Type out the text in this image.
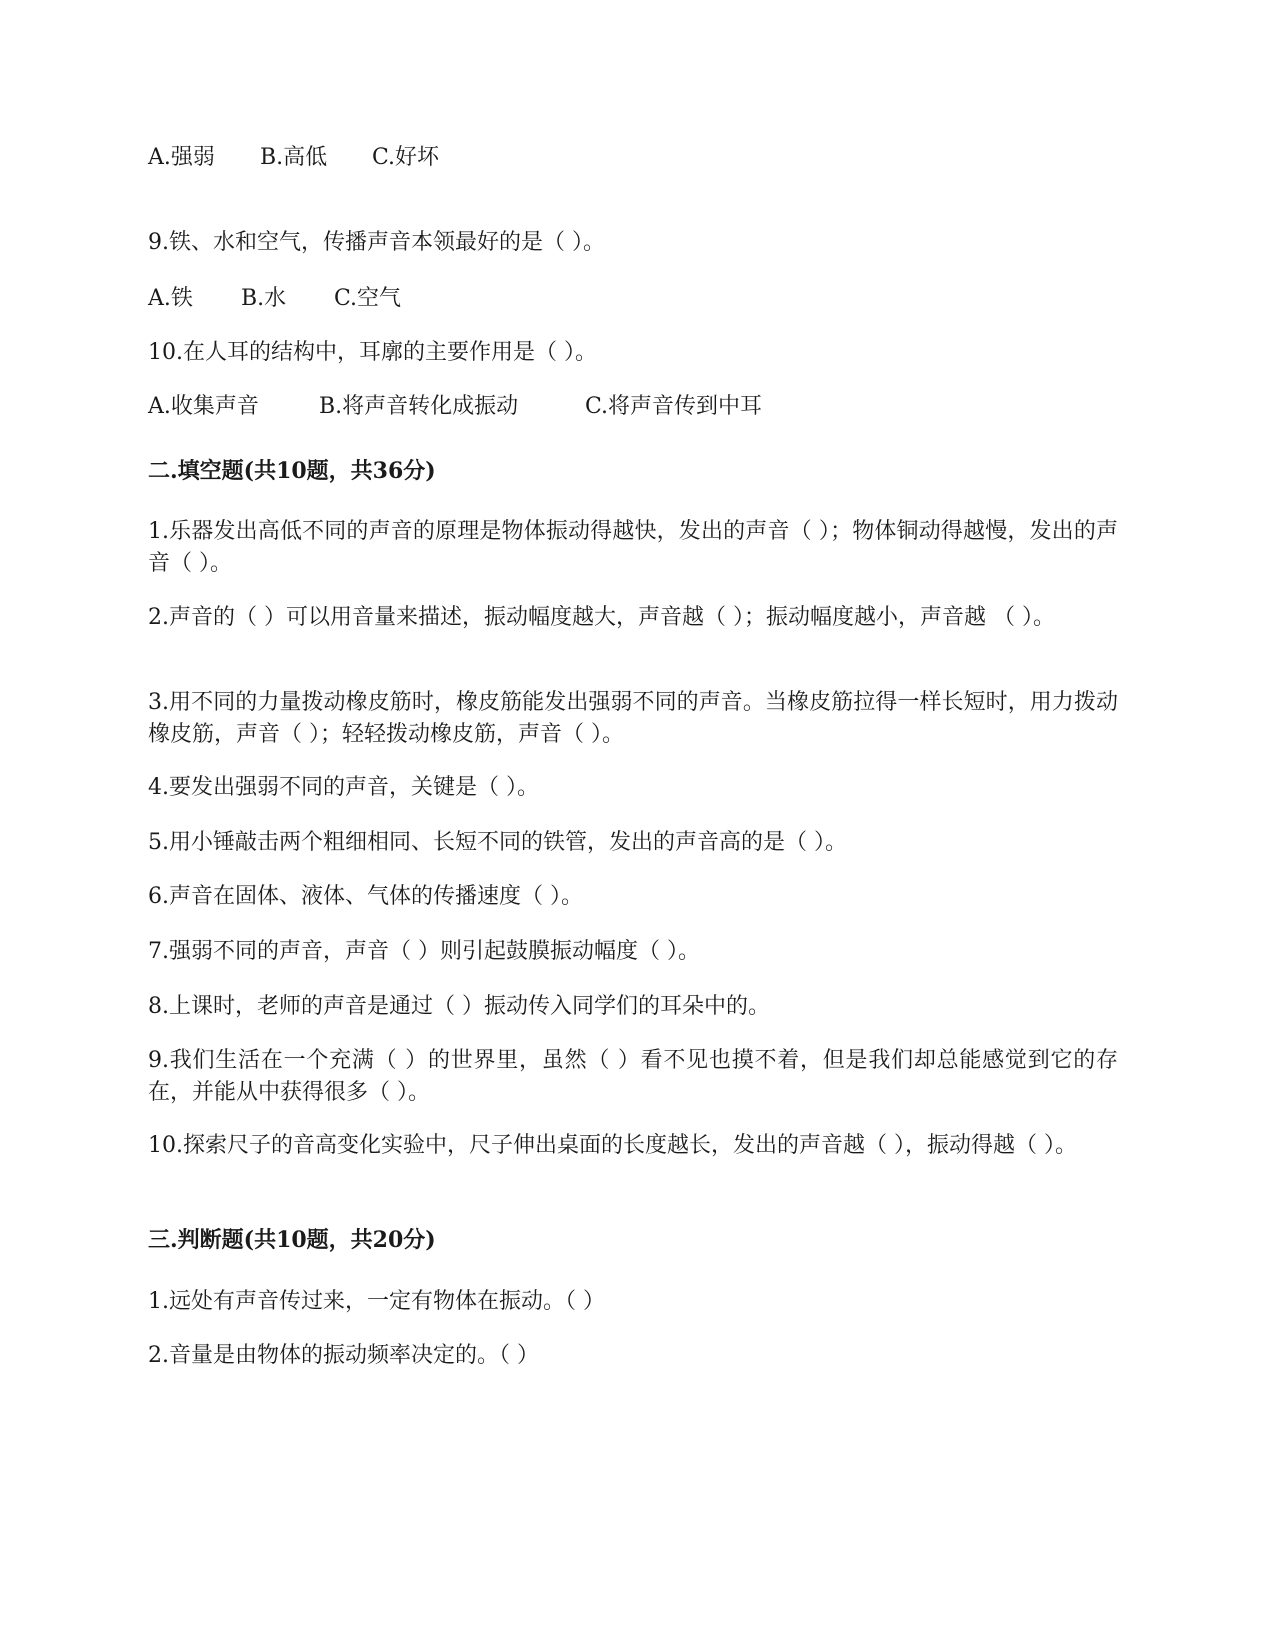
A.强弱 B.高低 C.好坏
9.铁、水和空气，传播声音本领最好的是（ ）。
A.铁 B.水 C.空气
10.在人耳的结构中，耳廓的主要作用是（ ）。
A.收集声音	B.将声音转化成振动	C.将声音传到中耳
二.填空题(共10题，共36分)
1.乐器发出高低不同的声音的原理是物体振动得越快，发出的声音（ ）；物体铜动得越慢，发出的声音（ ）。
2.声音的（ ）可以用音量来描述，振动幅度越大，声音越（ ）；振动幅度越小，声音越 （ ）。
3.用不同的力量拨动橡皮筋时，橡皮筋能发出强弱不同的声音。当橡皮筋拉得一样长短时，用力拨动橡皮筋，声音（ ）；轻轻拨动橡皮筋，声音（ ）。
4.要发出强弱不同的声音，关键是（ ）。
5.用小锤敲击两个粗细相同、长短不同的铁管，发出的声音高的是（ ）。
6.声音在固体、液体、气体的传播速度（ ）。
7.强弱不同的声音，声音（ ）则引起鼓膜振动幅度（ ）。
8.上课时，老师的声音是通过（ ）振动传入同学们的耳朵中的。
9.我们生活在一个充满（ ）的世界里，虽然（ ）看不见也摸不着，但是我们却总能感觉到它的存在，并能从中获得很多（ ）。
10.探索尺子的音高变化实验中，尺子伸出桌面的长度越长，发出的声音越（ ），振动得越（ ）。
三.判断题(共10题，共20分)
1.远处有声音传过来，一定有物体在振动。（ ）
2.音量是由物体的振动频率决定的。（ ）
